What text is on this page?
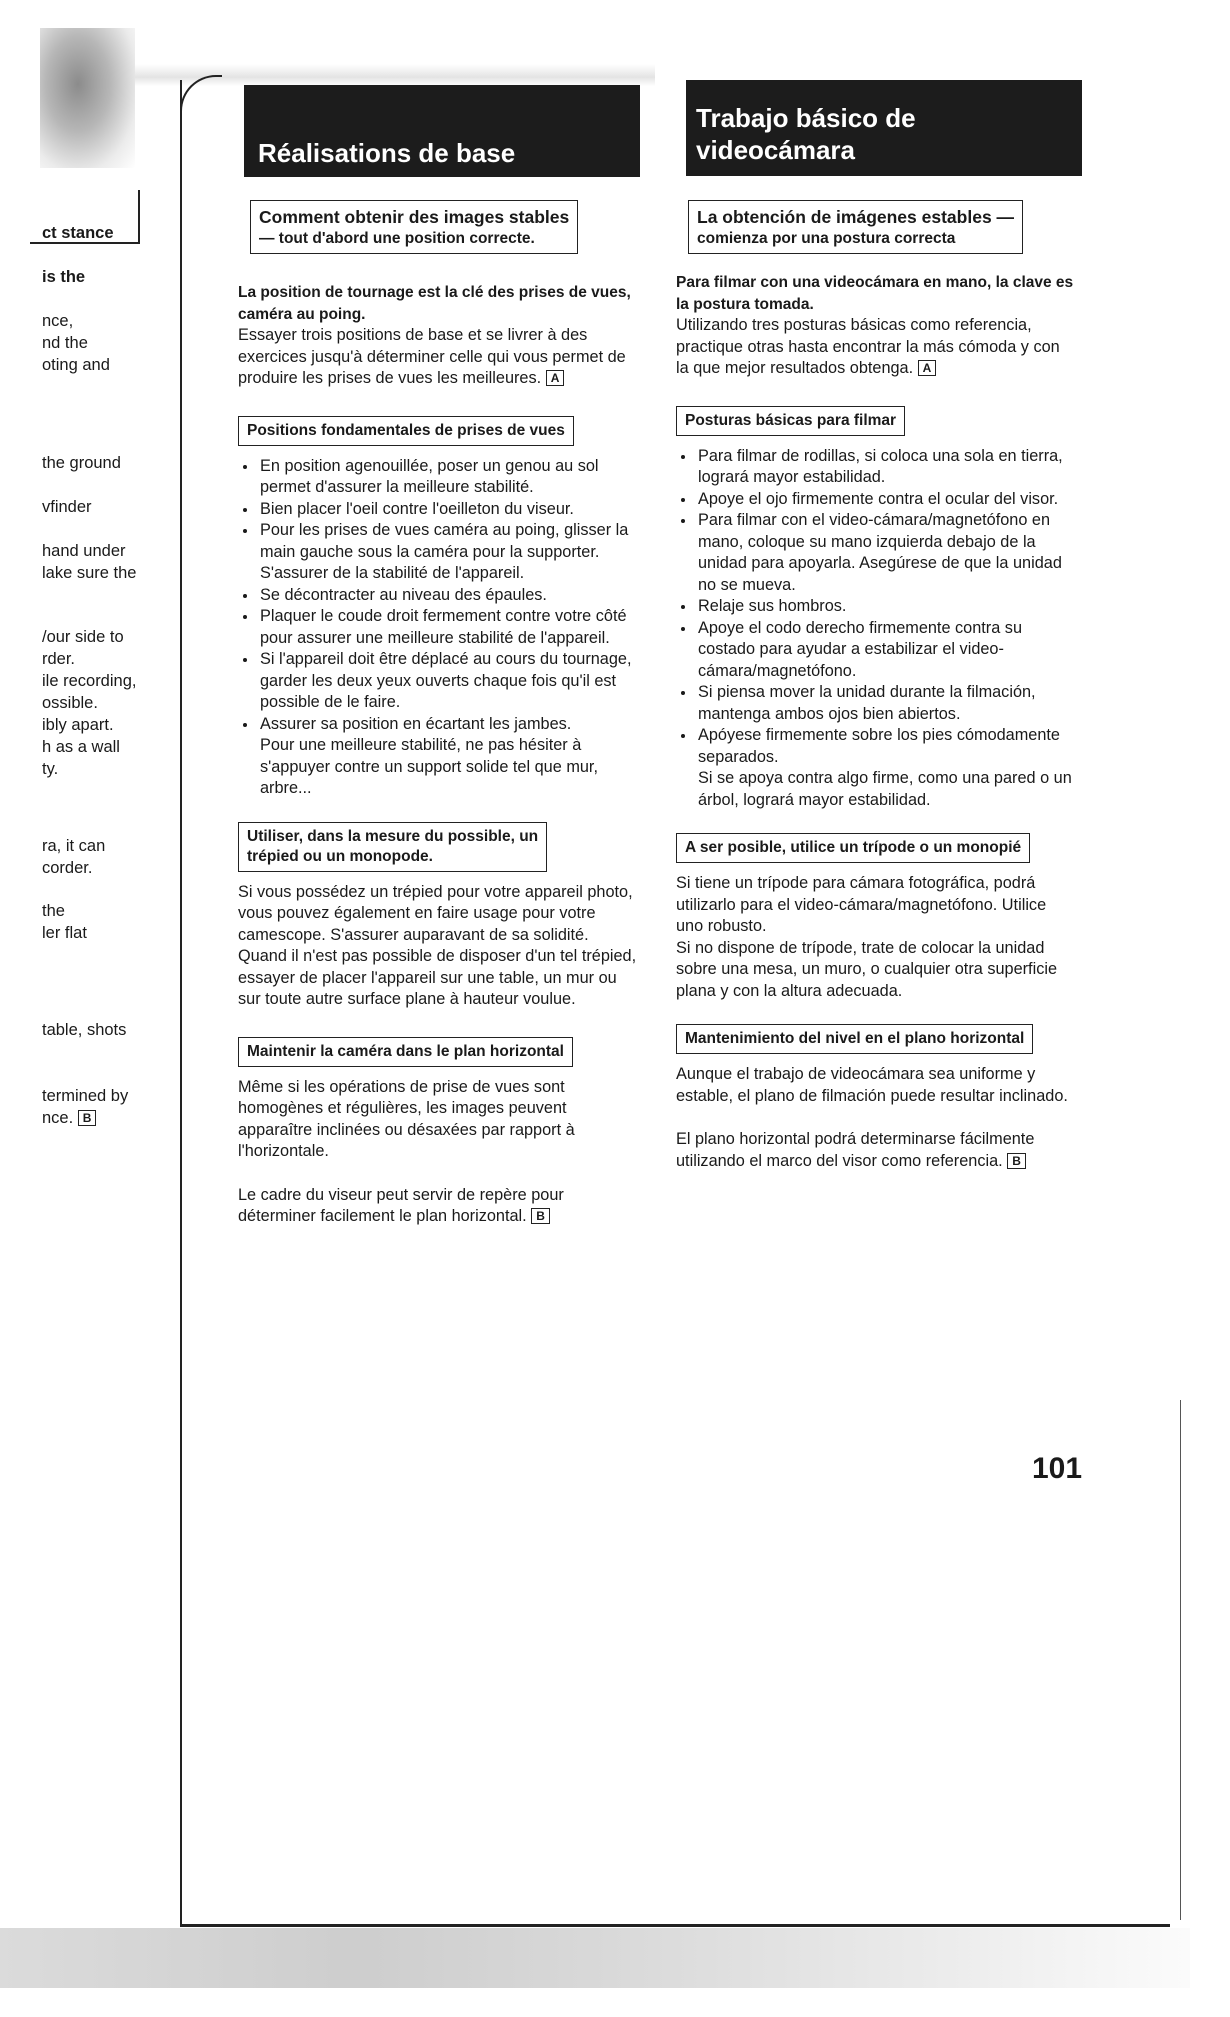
ct stance
is the
nce,
nd the
oting and
the ground
vfinder
hand under
lake sure the
/our side to
rder.
ile recording,
ossible.
ibly apart.
h as a wall
ty.
ra, it can
corder.
the
ler flat
table, shots
termined by
nce. B
Réalisations de base
Trabajo básico de
videocámara
Comment obtenir des images stables
— tout d'abord une position correcte.

La position de tournage est la clé des prises de vues, caméra au poing.

Essayer trois positions de base et se livrer à des exercices jusqu'à déterminer celle qui vous permet de produire les prises de vues les meilleures. A

Positions fondamentales de prises de vues
• En position agenouillée, poser un genou au sol permet d'assurer la meilleure stabilité.
• Bien placer l'oeil contre l'oeilleton du viseur.
• Pour les prises de vues caméra au poing, glisser la main gauche sous la caméra pour la supporter. S'assurer de la stabilité de l'appareil.
• Se décontracter au niveau des épaules.
• Plaquer le coude droit fermement contre votre côté pour assurer une meilleure stabilité de l'appareil.
• Si l'appareil doit être déplacé au cours du tournage, garder les deux yeux ouverts chaque fois qu'il est possible de le faire.
• Assurer sa position en écartant les jambes.

Pour une meilleure stabilité, ne pas hésiter à s'appuyer contre un support solide tel que mur, arbre...

Utiliser, dans la mesure du possible, un
trépied ou un monopode.

Si vous possédez un trépied pour votre appareil photo, vous pouvez également en faire usage pour votre camescope. S'assurer auparavant de sa solidité.

Quand il n'est pas possible de disposer d'un tel trépied, essayer de placer l'appareil sur une table, un mur ou sur toute autre surface plane à hauteur voulue.

Maintenir la caméra dans le plan horizontal

Même si les opérations de prise de vues sont homogènes et régulières, les images peuvent apparaître inclinées ou désaxées par rapport à l'horizontale.

Le cadre du viseur peut servir de repère pour déterminer facilement le plan horizontal. B

La obtención de imágenes estables —
comienza por una postura correcta

Para filmar con una videocámara en mano, la clave es la postura tomada.

Utilizando tres posturas básicas como referencia, practique otras hasta encontrar la más cómoda y con la que mejor resultados obtenga. A

Posturas básicas para filmar
• Para filmar de rodillas, si coloca una sola en tierra, logrará mayor estabilidad.
• Apoye el ojo firmemente contra el ocular del visor.
• Para filmar con el video-cámara/magnetófono en mano, coloque su mano izquierda debajo de la unidad para apoyarla. Asegúrese de que la unidad no se mueva.
• Relaje sus hombros.
• Apoye el codo derecho firmemente contra su costado para ayudar a estabilizar el video-cámara/magnetófono.
• Si piensa mover la unidad durante la filmación, mantenga ambos ojos bien abiertos.
• Apóyese firmemente sobre los pies cómodamente separados.

Si se apoya contra algo firme, como una pared o un árbol, logrará mayor estabilidad.

A ser posible, utilice un trípode o un monopié

Si tiene un trípode para cámara fotográfica, podrá utilizarlo para el video-cámara/magnetófono. Utilice uno robusto.

Si no dispone de trípode, trate de colocar la unidad sobre una mesa, un muro, o cualquier otra superficie plana y con la altura adecuada.

Mantenimiento del nivel en el plano horizontal

Aunque el trabajo de videocámara sea uniforme y estable, el plano de filmación puede resultar inclinado.

El plano horizontal podrá determinarse fácilmente utilizando el marco del visor como referencia. B

101
